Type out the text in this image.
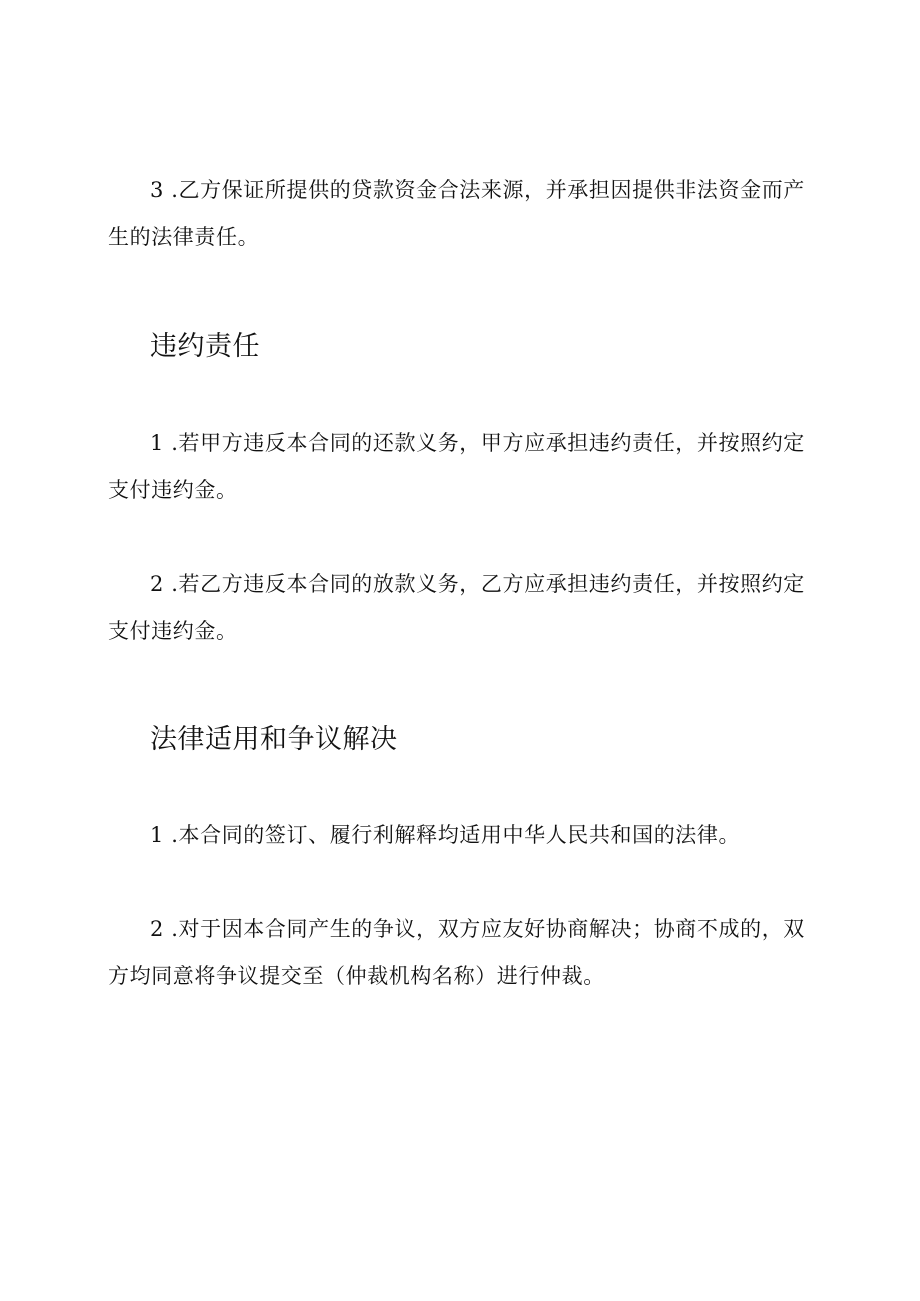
3 .乙方保证所提供的贷款资金合法来源，并承担因提供非法资金而产生的法律责任。

违约责任

1 .若甲方违反本合同的还款义务，甲方应承担违约责任，并按照约定支付违约金。

2 .若乙方违反本合同的放款义务，乙方应承担违约责任，并按照约定支付违约金。

法律适用和争议解决

1 .本合同的签订、履行利解释均适用中华人民共和国的法律。

2 .对于因本合同产生的争议，双方应友好协商解决；协商不成的，双方均同意将争议提交至（仲裁机构名称）进行仲裁。
